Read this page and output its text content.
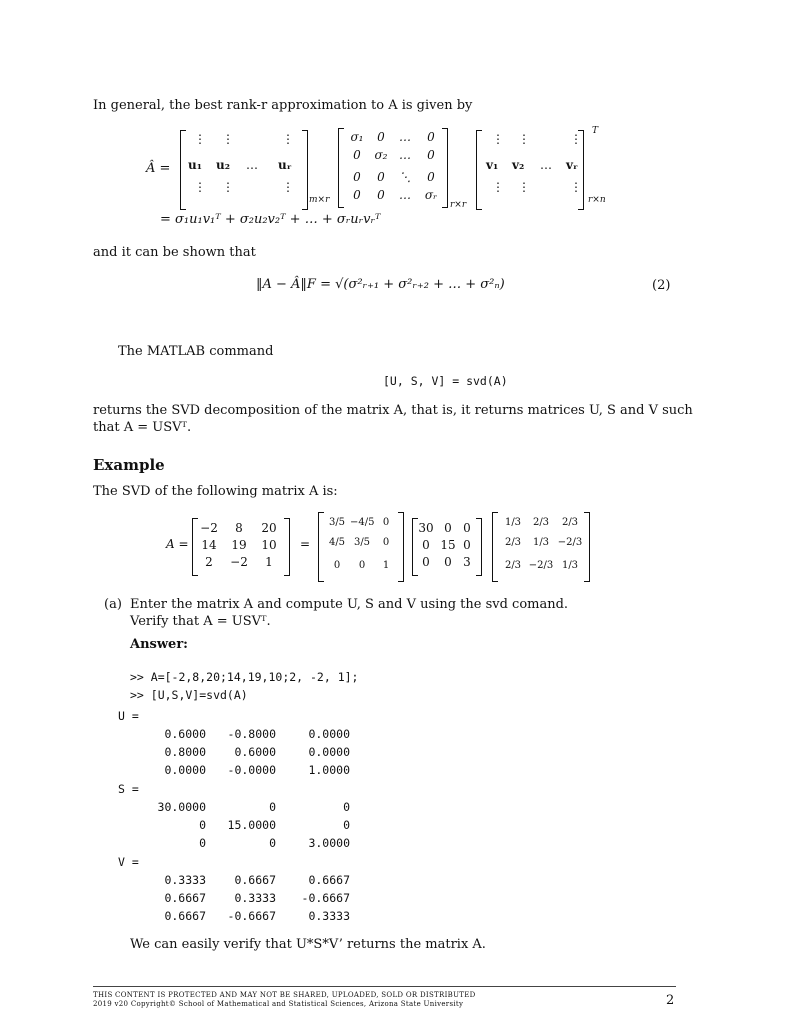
In general, the best rank-r approximation to A is given by
Â =
⋮ ⋮	⋮
u₁ u₂ … uᵣ
⋮ ⋮	⋮
m×r
σ₁	0	…	0
0	σ₂ …	0
0	0	⋱	0
0	0	…	σᵣ
r×r
⋮ ⋮	⋮
v₁ v₂ … vᵣ
⋮ ⋮	⋮
T
r×n
= σ₁u₁v₁ᵀ + σ₂u₂v₂ᵀ + … + σᵣuᵣvᵣᵀ
and it can be shown that
‖A − Â‖F = √(σ²ᵣ₊₁ + σ²ᵣ₊₂ + … + σ²ₙ)	(2)
The MATLAB command
[U, S, V] = svd(A)
returns the SVD decomposition of the matrix A, that is, it returns matrices U, S and V such
that A = USVᵀ.
Example
The SVD of the following matrix A is:
A =
−2	8	20
14	19	10
2	−2	1
=
3/5 −4/5 0
4/5 3/5	0
0	0	1
30 0 0
0 15 0
0	0 3
1/3	2/3	2/3
2/3	1/3 −2/3
2/3 −2/3 1/3
(a) Enter the matrix A and compute U, S and V using the svd comand.
Verify that A = USVᵀ.
Answer:
>> A=[-2,8,20;14,19,10;2, -2, 1];
>> [U,S,V]=svd(A)
U =
0.6000	-0.8000	0.0000
0.8000	0.6000	0.0000
0.0000	-0.0000	1.0000
S =
30.0000	0	0
0	15.0000	0
0	0	3.0000
V =
0.3333	0.6667	0.6667
0.6667	0.3333	-0.6667
0.6667	-0.6667	0.3333
We can easily verify that U*S*V’ returns the matrix A.
THIS CONTENT IS PROTECTED AND MAY NOT BE SHARED, UPLOADED, SOLD OR DISTRIBUTED
2019 v20 Copyright© School of Mathematical and Statistical Sciences, Arizona State University	2
